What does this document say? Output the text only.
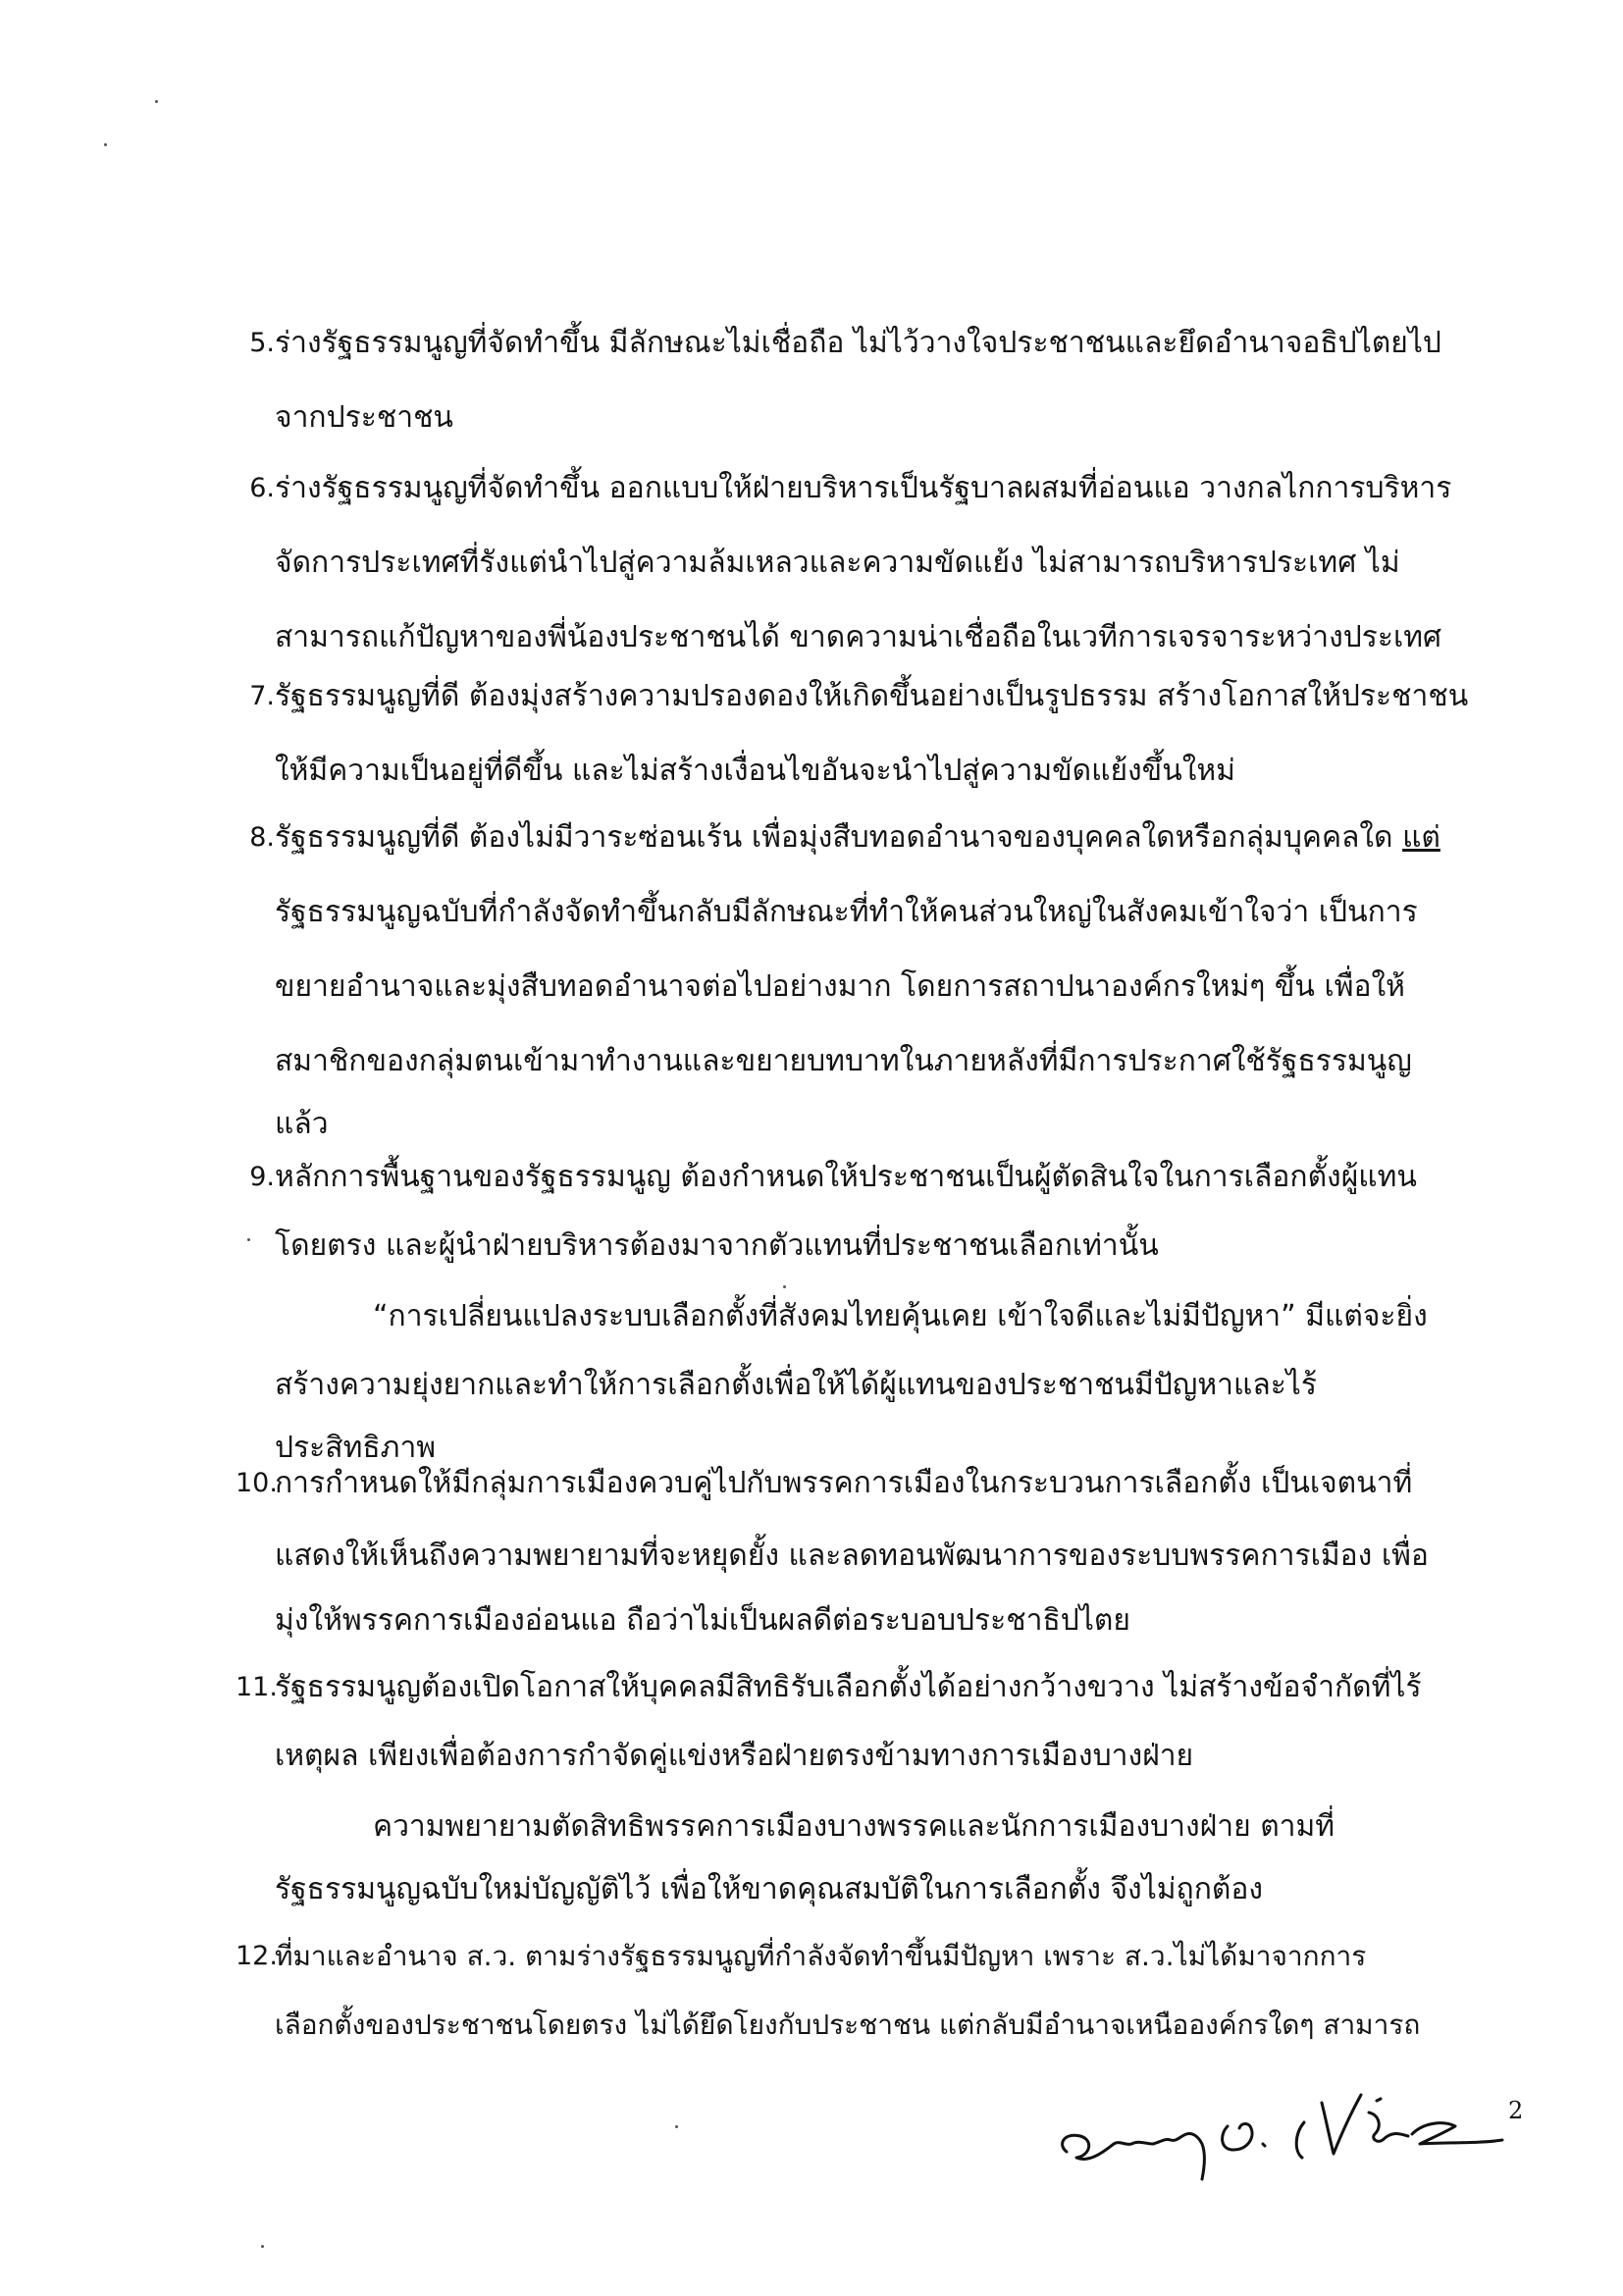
5. ร่างรัฐธรรมนูญที่จัดทำขึ้น มีลักษณะไม่เชื่อถือ ไม่ไว้วางใจประชาชนและยึดอำนาจอธิปไตยไป
จากประชาชน
6. ร่างรัฐธรรมนูญที่จัดทำขึ้น ออกแบบให้ฝ่ายบริหารเป็นรัฐบาลผสมที่อ่อนแอ วางกลไกการบริหาร
จัดการประเทศที่รังแต่นำไปสู่ความล้มเหลวและความขัดแย้ง ไม่สามารถบริหารประเทศ ไม่
สามารถแก้ปัญหาของพี่น้องประชาชนได้ ขาดความน่าเชื่อถือในเวทีการเจรจาระหว่างประเทศ
7. รัฐธรรมนูญที่ดี ต้องมุ่งสร้างความปรองดองให้เกิดขึ้นอย่างเป็นรูปธรรม สร้างโอกาสให้ประชาชน
ให้มีความเป็นอยู่ที่ดีขึ้น และไม่สร้างเงื่อนไขอันจะนำไปสู่ความขัดแย้งขึ้นใหม่
8. รัฐธรรมนูญที่ดี ต้องไม่มีวาระซ่อนเร้น เพื่อมุ่งสืบทอดอำนาจของบุคคลใดหรือกลุ่มบุคคลใด แต่
รัฐธรรมนูญฉบับที่กำลังจัดทำขึ้นกลับมีลักษณะที่ทำให้คนส่วนใหญ่ในสังคมเข้าใจว่า เป็นการ
ขยายอำนาจและมุ่งสืบทอดอำนาจต่อไปอย่างมาก โดยการสถาปนาองค์กรใหม่ๆ ขึ้น เพื่อให้
สมาชิกของกลุ่มตนเข้ามาทำงานและขยายบทบาทในภายหลังที่มีการประกาศใช้รัฐธรรมนูญ
แล้ว
9. หลักการพื้นฐานของรัฐธรรมนูญ ต้องกำหนดให้ประชาชนเป็นผู้ตัดสินใจในการเลือกตั้งผู้แทน
โดยตรง และผู้นำฝ่ายบริหารต้องมาจากตัวแทนที่ประชาชนเลือกเท่านั้น
“การเปลี่ยนแปลงระบบเลือกตั้งที่สังคมไทยคุ้นเคย เข้าใจดีและไม่มีปัญหา” มีแต่จะยิ่ง
สร้างความยุ่งยากและทำให้การเลือกตั้งเพื่อให้ได้ผู้แทนของประชาชนมีปัญหาและไร้
ประสิทธิภาพ
10.
การกำหนดให้มีกลุ่มการเมืองควบคู่ไปกับพรรคการเมืองในกระบวนการเลือกตั้ง เป็นเจตนาที่
แสดงให้เห็นถึงความพยายามที่จะหยุดยั้ง และลดทอนพัฒนาการของระบบพรรคการเมือง เพื่อ
มุ่งให้พรรคการเมืองอ่อนแอ ถือว่าไม่เป็นผลดีต่อระบอบประชาธิปไตย
11.
รัฐธรรมนูญต้องเปิดโอกาสให้บุคคลมีสิทธิรับเลือกตั้งได้อย่างกว้างขวาง ไม่สร้างข้อจำกัดที่ไร้
เหตุผล เพียงเพื่อต้องการกำจัดคู่แข่งหรือฝ่ายตรงข้ามทางการเมืองบางฝ่าย
ความพยายามตัดสิทธิพรรคการเมืองบางพรรคและนักการเมืองบางฝ่าย ตามที่
รัฐธรรมนูญฉบับใหม่บัญญัติไว้ เพื่อให้ขาดคุณสมบัติในการเลือกตั้ง จึงไม่ถูกต้อง
12.
ที่มาและอำนาจ ส.ว. ตามร่างรัฐธรรมนูญที่กำลังจัดทำขึ้นมีปัญหา เพราะ ส.ว.ไม่ได้มาจากการ
เลือกตั้งของประชาชนโดยตรง ไม่ได้ยึดโยงกับประชาชน แต่กลับมีอำนาจเหนือองค์กรใดๆ สามารถ
2
